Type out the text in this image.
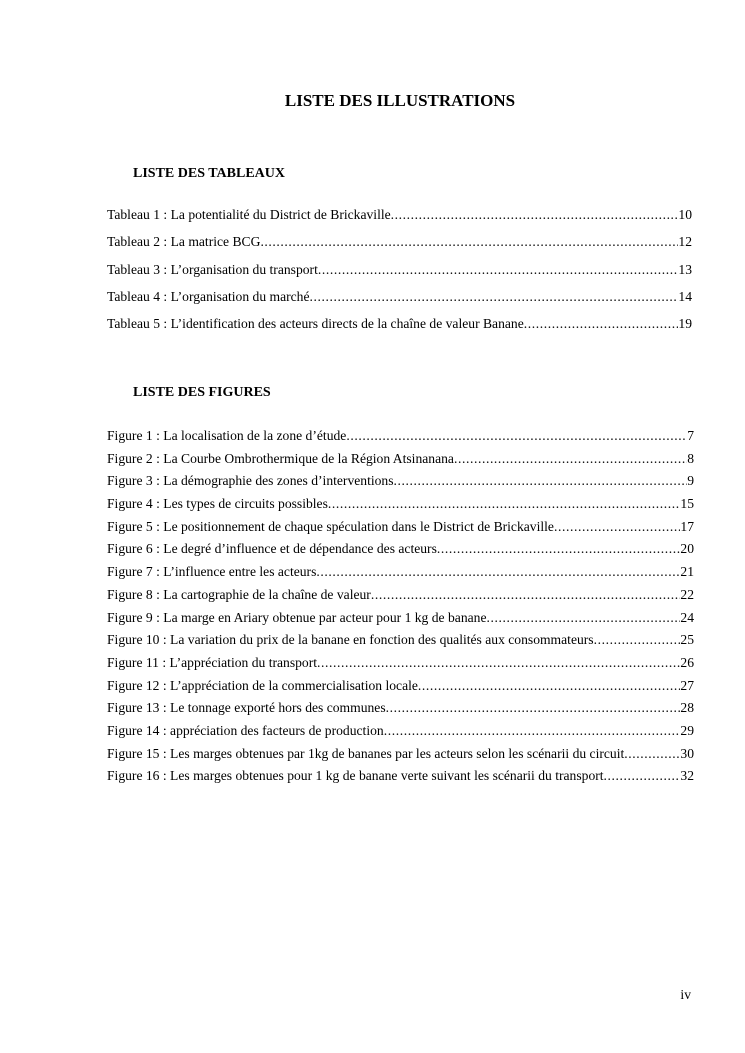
LISTE DES ILLUSTRATIONS
LISTE DES TABLEAUX
Tableau 1 : La potentialité du District de Brickaville .....	10
Tableau 2 : La matrice BCG .....	12
Tableau 3 : L’organisation du transport .....	13
Tableau 4 : L’organisation du marché .....	14
Tableau 5 : L’identification des acteurs directs de la chaîne de valeur Banane .....	19
LISTE DES FIGURES
Figure 1 : La localisation de la zone d’étude .....	7
Figure 2 : La Courbe Ombrothermique de la Région Atsinanana .....	8
Figure 3 : La démographie des zones d’interventions .....	9
Figure 4 : Les types de circuits possibles .....	15
Figure 5 : Le positionnement de chaque spéculation dans le District de Brickaville .....	17
Figure 6 : Le degré d’influence et de dépendance des acteurs .....	20
Figure 7 : L’influence entre les acteurs .....	21
Figure 8 : La cartographie de la chaîne de valeur .....	22
Figure 9 : La marge en Ariary obtenue par acteur pour 1 kg de banane .....	24
Figure 10 : La variation du prix de la banane en fonction des qualités aux consommateurs .....	25
Figure 11 : L’appréciation du transport .....	26
Figure 12 : L’appréciation de la commercialisation locale .....	27
Figure 13 : Le tonnage exporté hors des communes .....	28
Figure 14 : appréciation des facteurs de production .....	29
Figure 15 : Les marges obtenues par 1kg de bananes par les acteurs selon les scénarii du circuit .....	30
Figure 16 : Les marges obtenues pour 1 kg de banane verte suivant les scénarii du transport .....	32

iv
